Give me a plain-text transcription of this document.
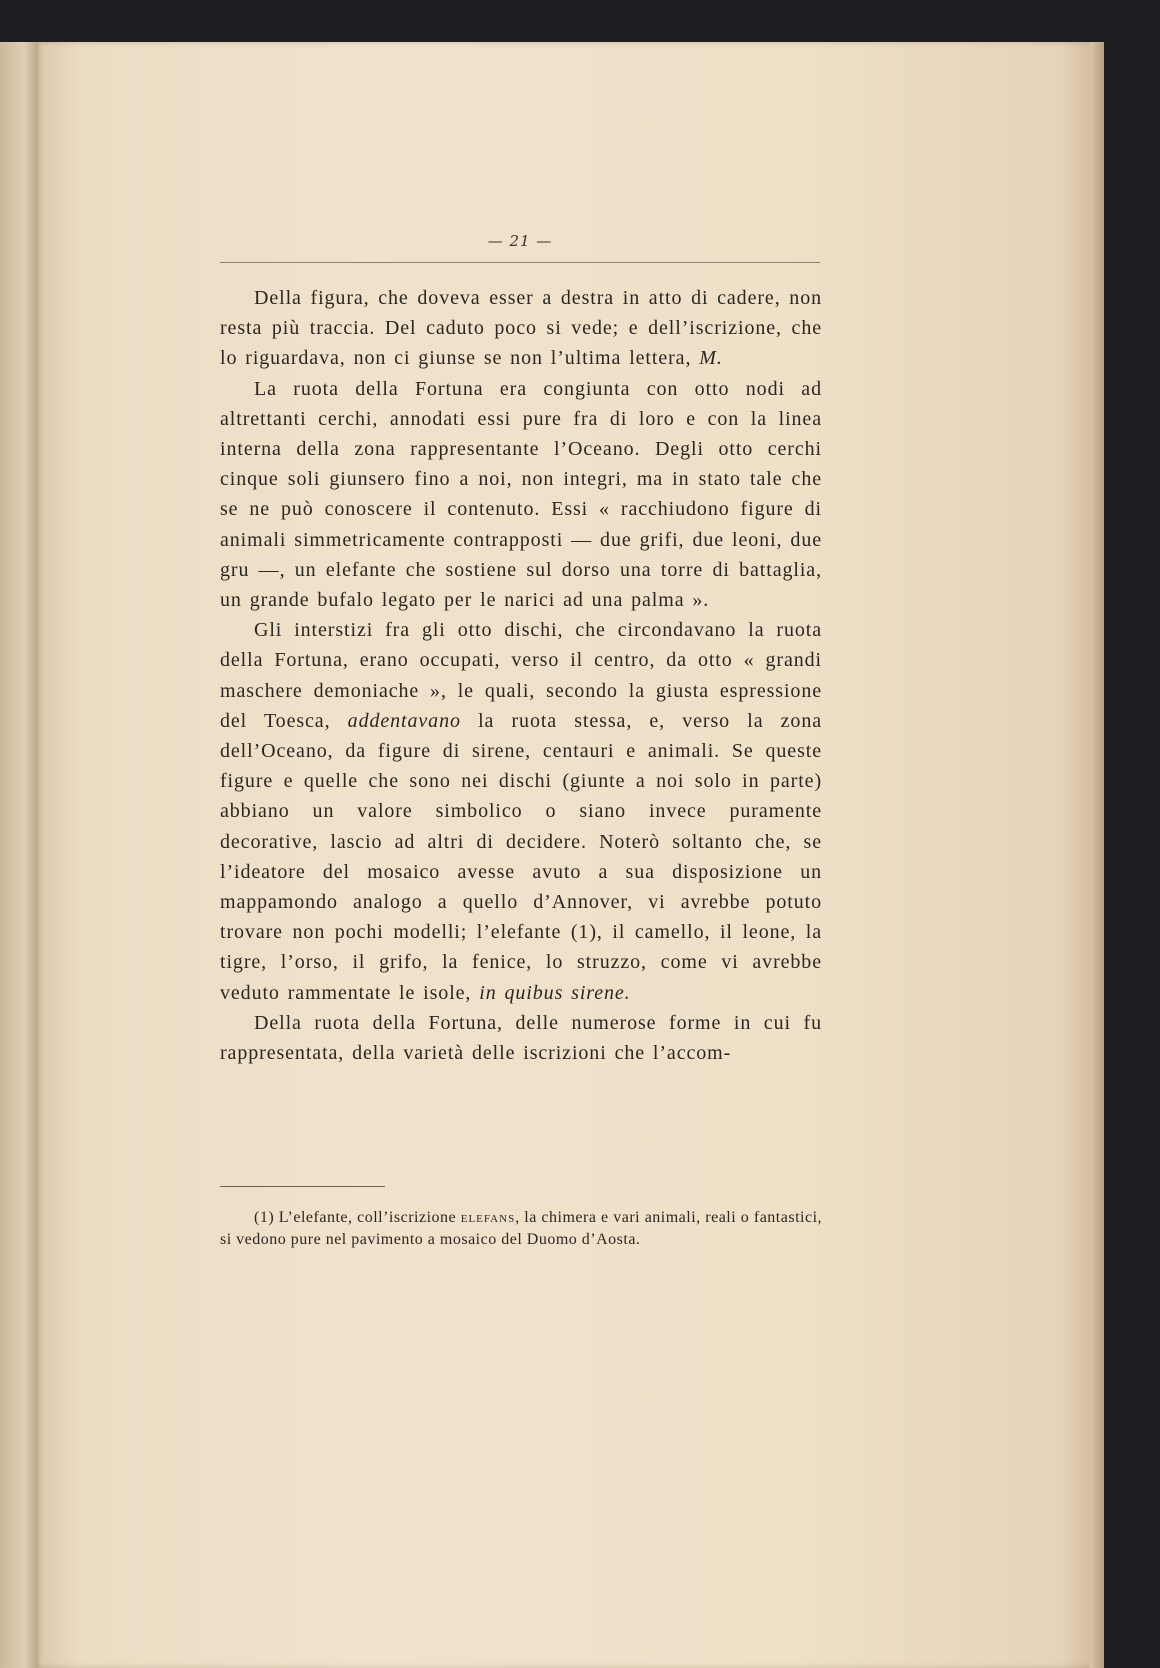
— 21 —

Della figura, che doveva esser a destra in atto di cadere, non resta più traccia. Del caduto poco si vede; e dell’iscrizione, che lo riguardava, non ci giunse se non l’ultima lettera, M.

La ruota della Fortuna era congiunta con otto nodi ad altrettanti cerchi, annodati essi pure fra di loro e con la linea interna della zona rappresentante l’Oceano. Degli otto cerchi cinque soli giunsero fino a noi, non integri, ma in stato tale che se ne può conoscere il contenuto. Essi « racchiudono figure di animali simmetricamente contrapposti — due grifi, due leoni, due gru —, un elefante che sostiene sul dorso una torre di battaglia, un grande bufalo legato per le narici ad una palma ».

Gli interstizi fra gli otto dischi, che circondavano la ruota della Fortuna, erano occupati, verso il centro, da otto « grandi maschere demoniache », le quali, secondo la giusta espressione del Toesca, addentavano la ruota stessa, e, verso la zona dell’Oceano, da figure di sirene, centauri e animali. Se queste figure e quelle che sono nei dischi (giunte a noi solo in parte) abbiano un valore simbolico o siano invece puramente decorative, lascio ad altri di decidere. Noterò soltanto che, se l’ideatore del mosaico avesse avuto a sua disposizione un mappamondo analogo a quello d’Annover, vi avrebbe potuto trovare non pochi modelli; l’elefante (1), il camello, il leone, la tigre, l’orso, il grifo, la fenice, lo struzzo, come vi avrebbe veduto rammentate le isole, in quibus sirene.

Della ruota della Fortuna, delle numerose forme in cui fu rappresentata, della varietà delle iscrizioni che l’accom-

(1) L’elefante, coll’iscrizione elefans, la chimera e vari animali, reali o fantastici, si vedono pure nel pavimento a mosaico del Duomo d’Aosta.
